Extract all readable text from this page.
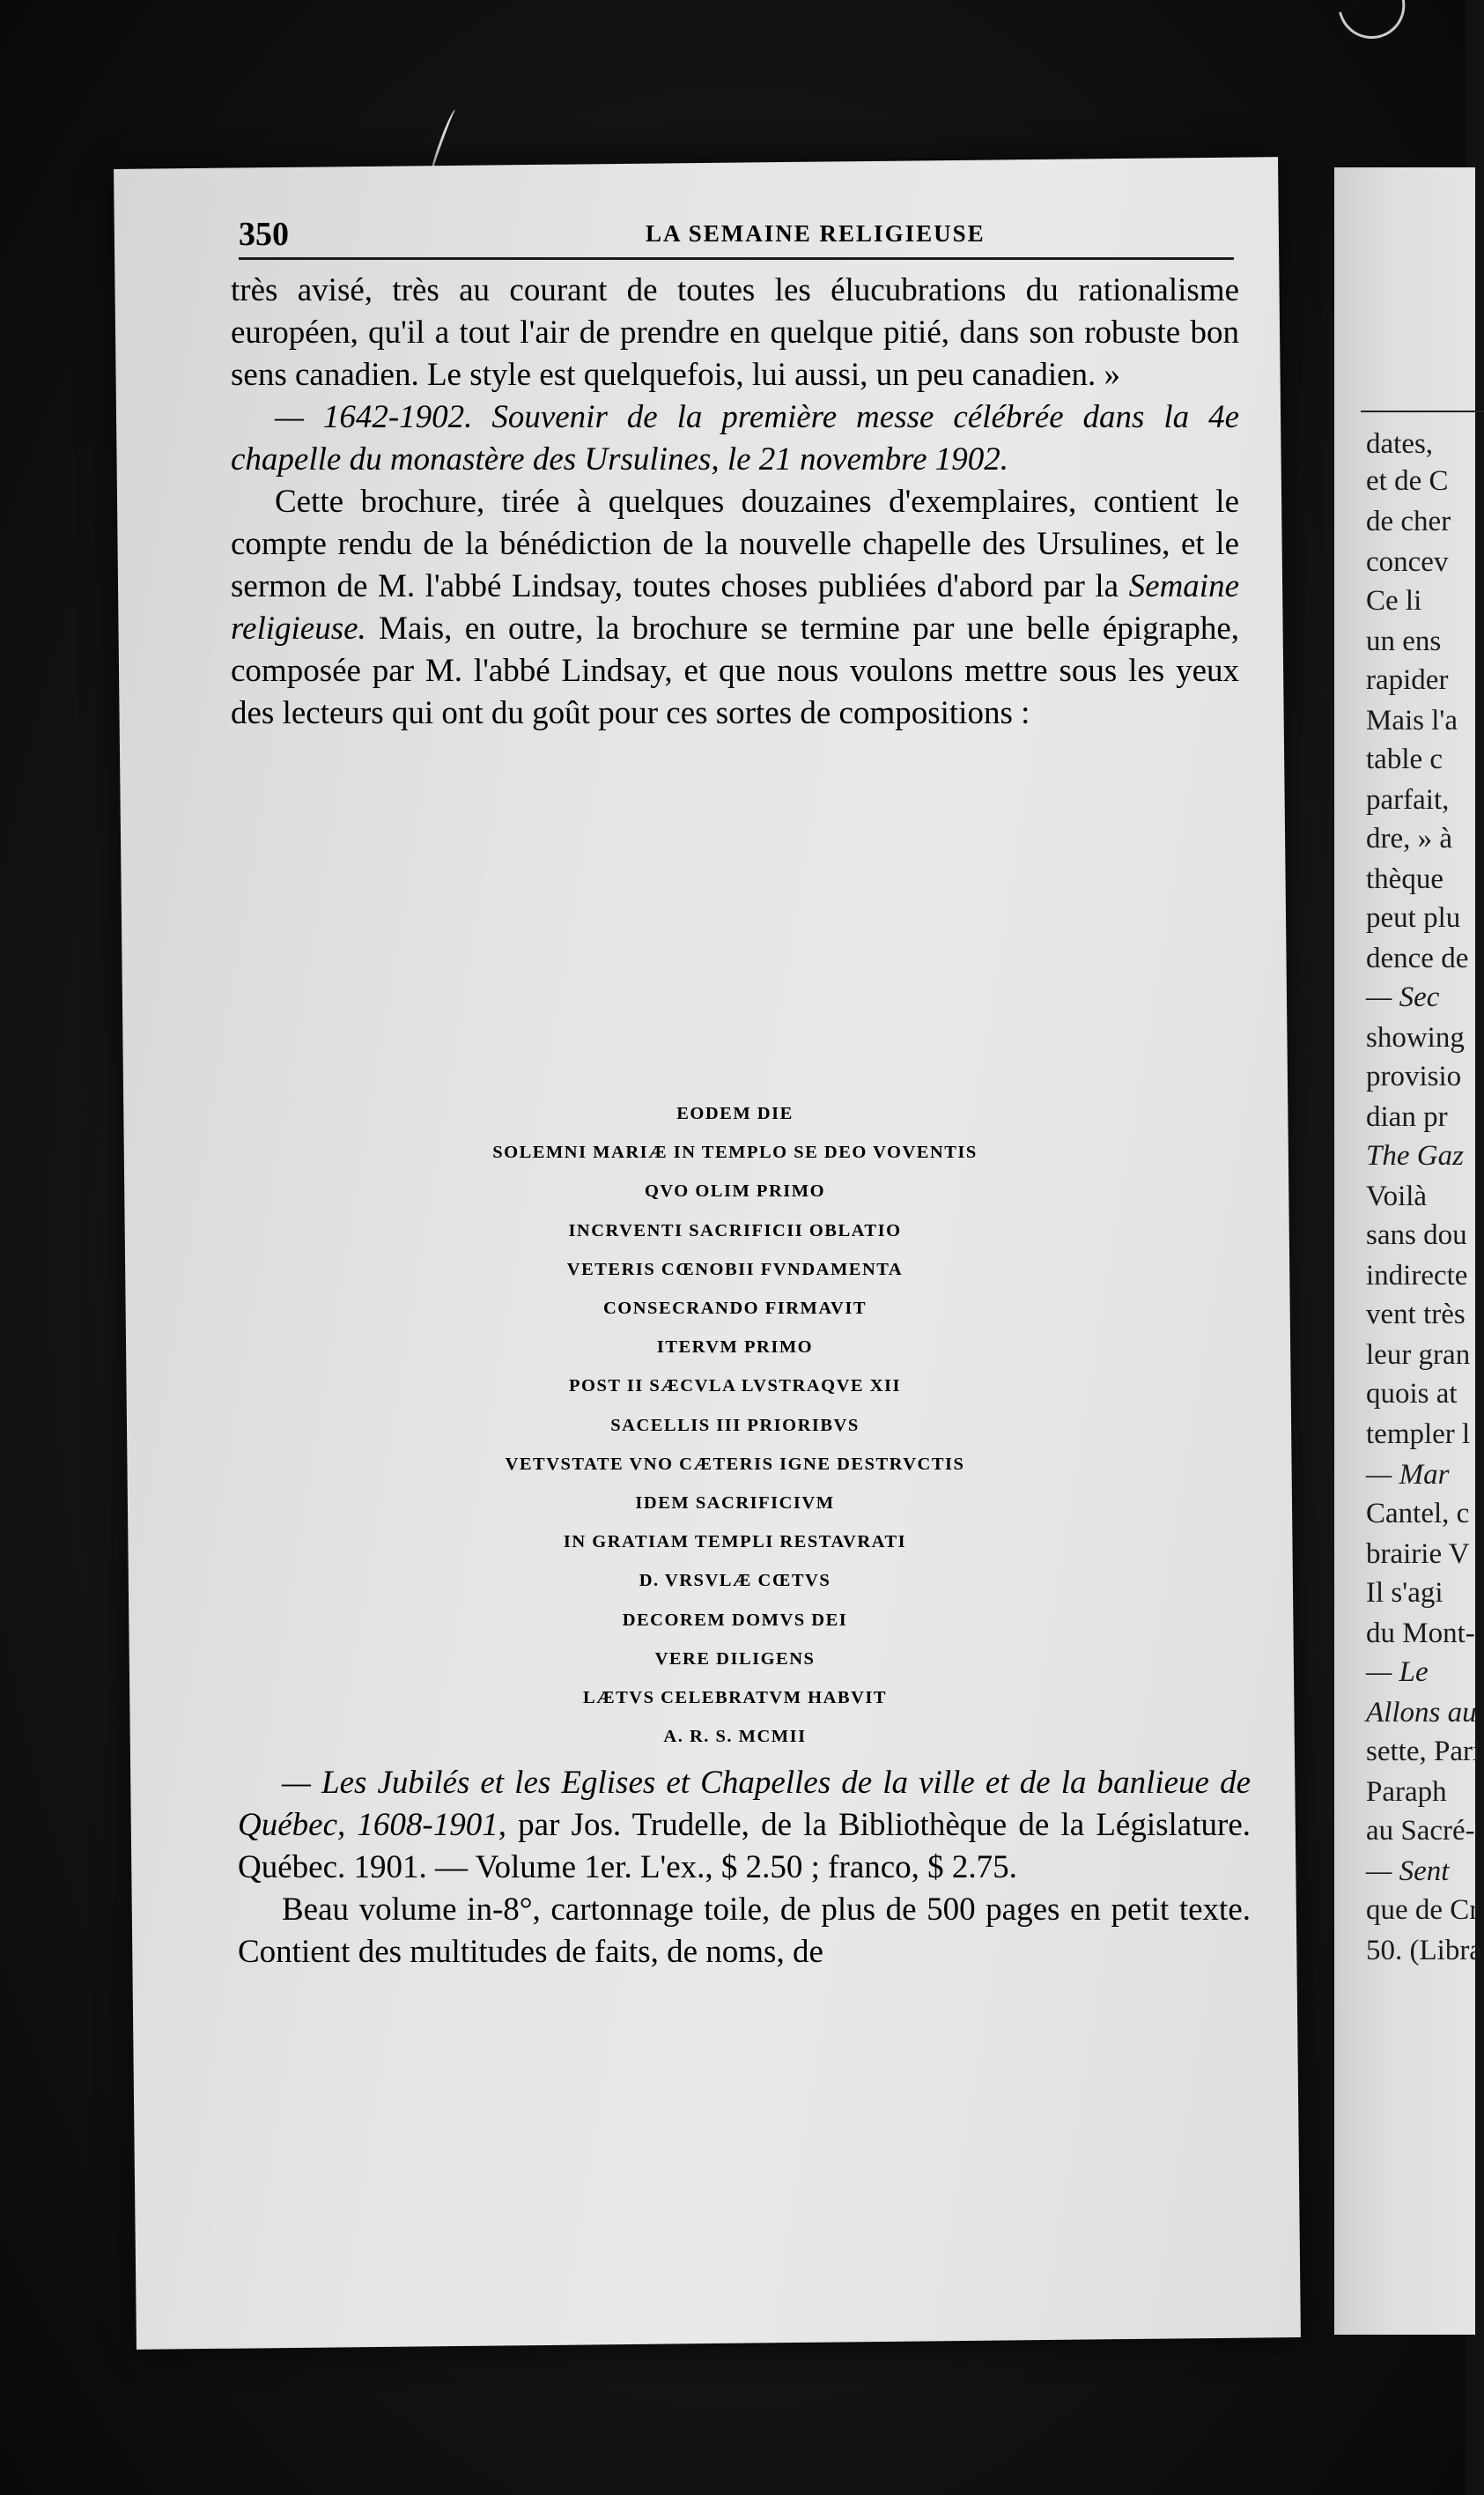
dates,
et de C
de cher
concev
Ce li
un ens
rapider
Mais l'a
table c
parfait,
dre, » à
thèque
peut plu
dence de
— Sec
showing
provisio
dian pr
The Gaz
Voilà
sans dou
indirecte
vent très
leur gran
quois at
templer l
— Mar
Cantel, c
brairie V
Il s'agi
du Mont-
— Le
Allons au
sette, Pari
Paraph
au Sacré-
— Sent
que de Cr
50. (Libra
350	LA SEMAINE RELIGIEUSE

très avisé, très au courant de toutes les élucubrations du rationalisme européen, qu'il a tout l'air de prendre en quelque pitié, dans son robuste bon sens canadien. Le style est quelquefois, lui aussi, un peu canadien. »

— 1642-1902. Souvenir de la première messe célébrée dans la 4e chapelle du monastère des Ursulines, le 21 novembre 1902.

Cette brochure, tirée à quelques douzaines d'exemplaires, contient le compte rendu de la bénédiction de la nouvelle chapelle des Ursulines, et le sermon de M. l'abbé Lindsay, toutes choses publiées d'abord par la Semaine religieuse. Mais, en outre, la brochure se termine par une belle épigraphe, composée par M. l'abbé Lindsay, et que nous voulons mettre sous les yeux des lecteurs qui ont du goût pour ces sortes de compositions :

EODEM DIE
SOLEMNI MARIÆ IN TEMPLO SE DEO VOVENTIS
QVO OLIM PRIMO
INCRVENTI SACRIFICII OBLATIO
VETERIS CŒNOBII FVNDAMENTA
CONSECRANDO FIRMAVIT
ITERVM PRIMO
POST II SÆCVLA LVSTRAQVE XII
SACELLIS III PRIORIBVS
VETVSTATE VNO CÆTERIS IGNE DESTRVCTIS
IDEM SACRIFICIVM
IN GRATIAM TEMPLI RESTAVRATI
D. VRSVLÆ CŒTVS
DECOREM DOMVS DEI
VERE DILIGENS
LÆTVS CELEBRATVM HABVIT
A. R. S. MCMII

— Les Jubilés et les Eglises et Chapelles de la ville et de la banlieue de Québec, 1608-1901, par Jos. Trudelle, de la Bibliothèque de la Législature. Québec. 1901. — Volume 1er. L'ex., $ 2.50 ; franco, $ 2.75.

Beau volume in-8°, cartonnage toile, de plus de 500 pages en petit texte. Contient des multitudes de faits, de noms, de
